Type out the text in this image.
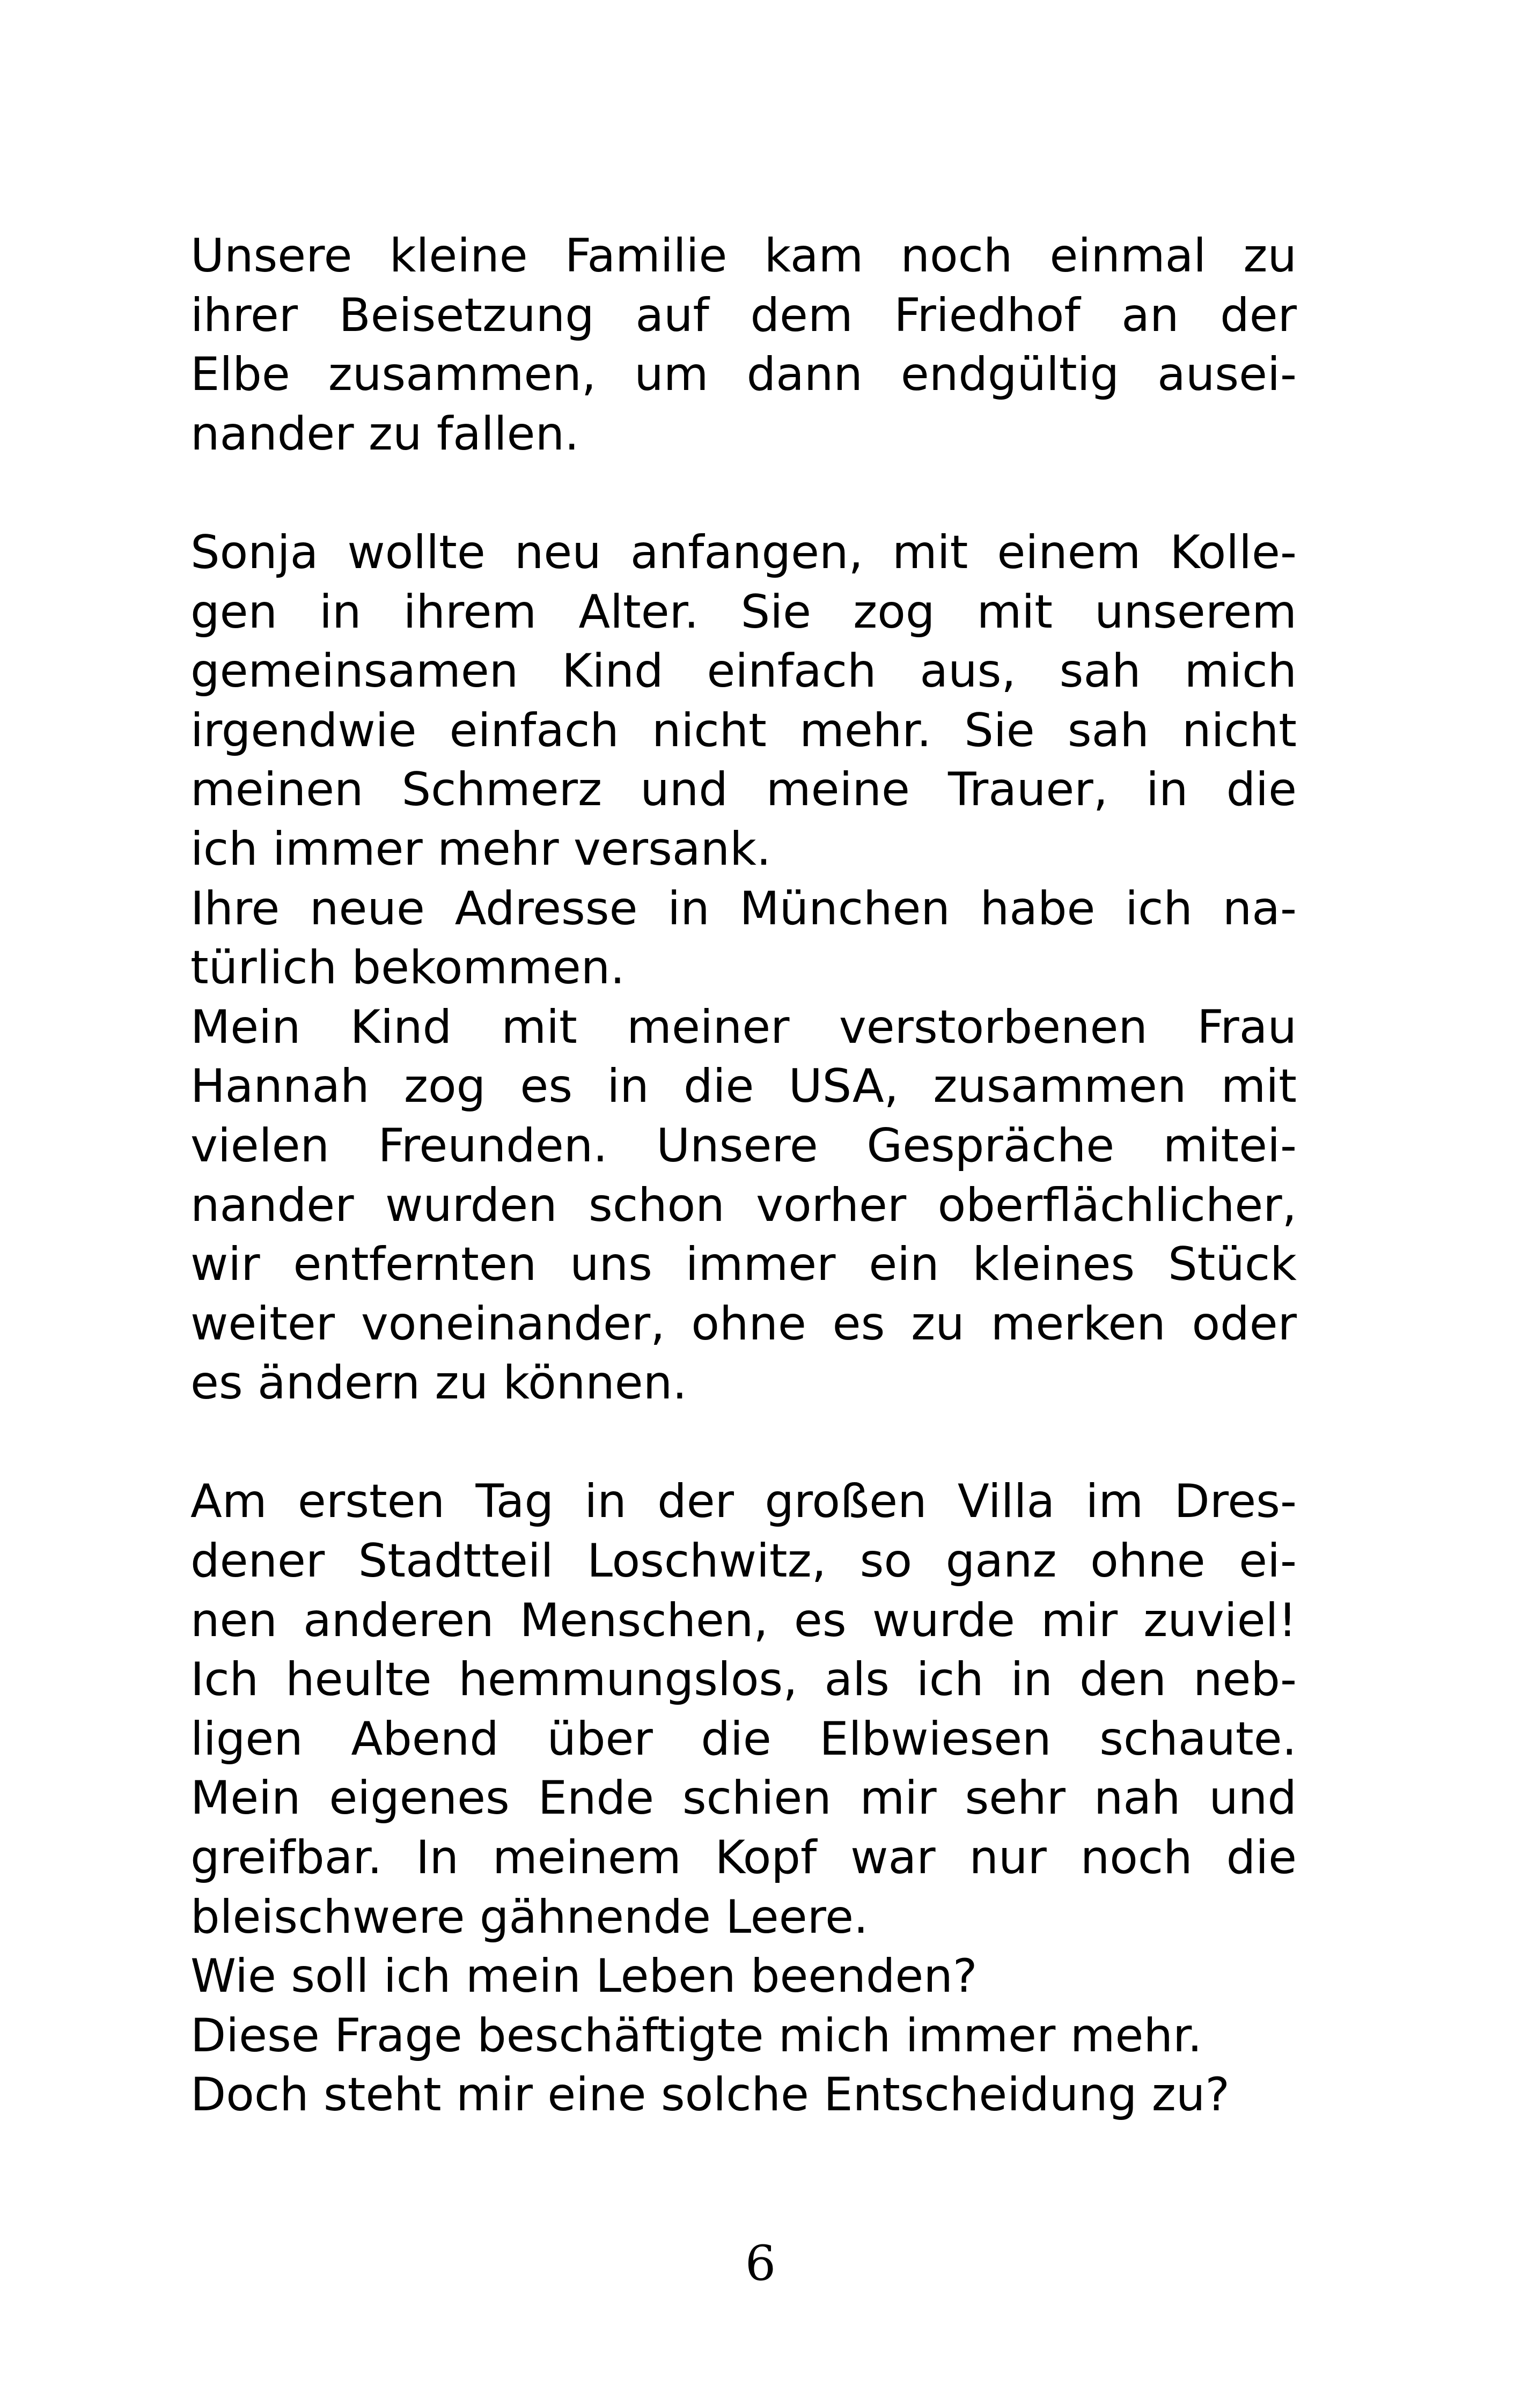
Unsere kleine Familie kam noch einmal zu
ihrer Beisetzung auf dem Friedhof an der
Elbe zusammen, um dann endgültig ausei-
nander zu fallen.
Sonja wollte neu anfangen, mit einem Kolle-
gen in ihrem Alter. Sie zog mit unserem
gemeinsamen Kind einfach aus, sah mich
irgendwie einfach nicht mehr. Sie sah nicht
meinen Schmerz und meine Trauer, in die
ich immer mehr versank.
Ihre neue Adresse in München habe ich na-
türlich bekommen.
Mein Kind mit meiner verstorbenen Frau
Hannah zog es in die USA, zusammen mit
vielen Freunden. Unsere Gespräche mitei-
nander wurden schon vorher oberflächlicher,
wir entfernten uns immer ein kleines Stück
weiter voneinander, ohne es zu merken oder
es ändern zu können.
Am ersten Tag in der großen Villa im Dres-
dener Stadtteil Loschwitz, so ganz ohne ei-
nen anderen Menschen, es wurde mir zuviel!
Ich heulte hemmungslos, als ich in den neb-
ligen Abend über die Elbwiesen schaute.
Mein eigenes Ende schien mir sehr nah und
greifbar. In meinem Kopf war nur noch die
bleischwere gähnende Leere.
Wie soll ich mein Leben beenden?
Diese Frage beschäftigte mich immer mehr.
Doch steht mir eine solche Entscheidung zu?
6
